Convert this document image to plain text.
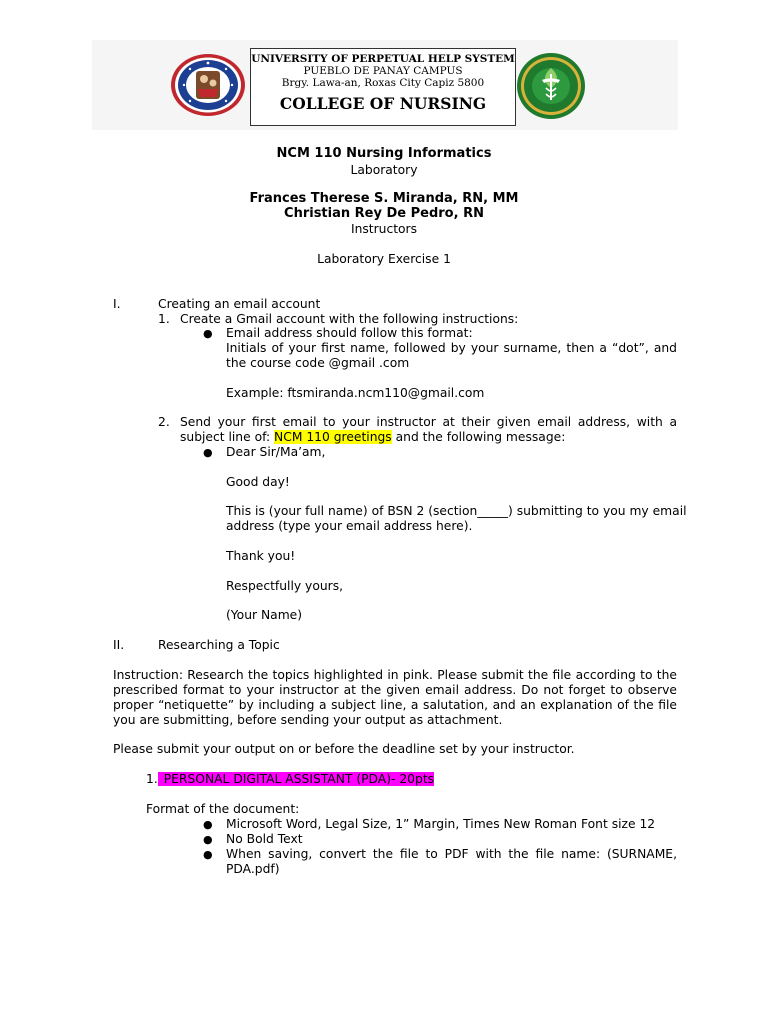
UNIVERSITY OF PERPETUAL HELP SYSTEM
PUEBLO DE PANAY CAMPUS
Brgy. Lawa-an, Roxas City Capiz 5800
COLLEGE OF NURSING
NCM 110 Nursing Informatics
Laboratory
Frances Therese S. Miranda, RN, MM
Christian Rey De Pedro, RN
Instructors
Laboratory Exercise 1
I.	Creating an email account
1. Create a Gmail account with the following instructions:
● Email address should follow this format:
Initials of your first name, followed by your surname, then a “dot”, and
the course code @gmail .com
Example: ftsmiranda.ncm110@gmail.com
2. Send your first email to your instructor at their given email address, with a
subject line of: NCM 110 greetings and the following message:
● Dear Sir/Ma’am,
Good day!
This is (your full name) of BSN 2 (section_____) submitting to you my email
address (type your email address here).
Thank you!
Respectfully yours,
(Your Name)
II.	Researching a Topic
Instruction: Research the topics highlighted in pink. Please submit the file according to the
prescribed format to your instructor at the given email address. Do not forget to observe
proper “netiquette” by including a subject line, a salutation, and an explanation of the file
you are submitting, before sending your output as attachment.
Please submit your output on or before the deadline set by your instructor.
1. PERSONAL DIGITAL ASSISTANT (PDA)- 20pts
Format of the document:
● Microsoft Word, Legal Size, 1” Margin, Times New Roman Font size 12
● No Bold Text
● When saving, convert the file to PDF with the file name: (SURNAME,
PDA.pdf)
